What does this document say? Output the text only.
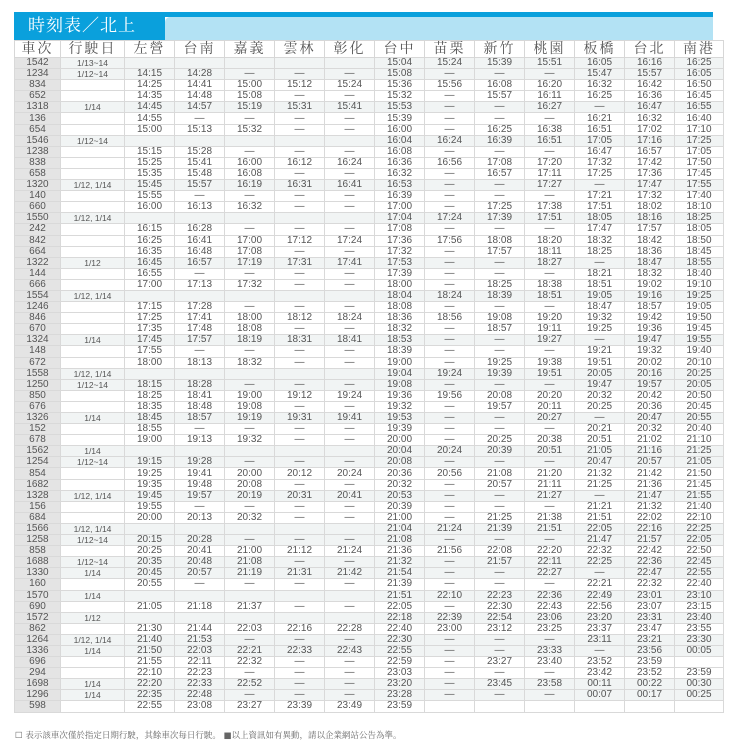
時刻表／北上
車次	行駛日	左營	台南	嘉義	雲林	彰化	台中	苗栗	新竹	桃園	板橋	台北	南港
1542	1/13~14						15:04	15:24	15:39	15:51	16:05	16:16	16:25
1234	1/12~14	14:15	14:28	—	—	—	15:08	—	—	—	15:47	15:57	16:05
834		14:25	14:41	15:00	15:12	15:24	15:36	15:56	16:08	16:20	16:32	16:42	16:50
652		14:35	14:48	15:08	—	—	15:32	—	15:57	16:11	16:25	16:36	16:45
1318	1/14	14:45	14:57	15:19	15:31	15:41	15:53	—	—	16:27	—	16:47	16:55
136		14:55	—	—	—	—	15:39	—	—	—	16:21	16:32	16:40
654		15:00	15:13	15:32	—	—	16:00	—	16:25	16:38	16:51	17:02	17:10
1546	1/12~14						16:04	16:24	16:39	16:51	17:05	17:16	17:25
1238		15:15	15:28	—	—	—	16:08	—	—	—	16:47	16:57	17:05
838		15:25	15:41	16:00	16:12	16:24	16:36	16:56	17:08	17:20	17:32	17:42	17:50
658		15:35	15:48	16:08	—	—	16:32	—	16:57	17:11	17:25	17:36	17:45
1320	1/12, 1/14	15:45	15:57	16:19	16:31	16:41	16:53	—	—	17:27	—	17:47	17:55
140		15:55	—	—	—	—	16:39	—	—	—	17:21	17:32	17:40
660		16:00	16:13	16:32	—	—	17:00	—	17:25	17:38	17:51	18:02	18:10
1550	1/12, 1/14						17:04	17:24	17:39	17:51	18:05	18:16	18:25
242		16:15	16:28	—	—	—	17:08	—	—	—	17:47	17:57	18:05
842		16:25	16:41	17:00	17:12	17:24	17:36	17:56	18:08	18:20	18:32	18:42	18:50
664		16:35	16:48	17:08	—	—	17:32	—	17:57	18:11	18:25	18:36	18:45
1322	1/12	16:45	16:57	17:19	17:31	17:41	17:53	—	—	18:27	—	18:47	18:55
144		16:55	—	—	—	—	17:39	—	—	—	18:21	18:32	18:40
666		17:00	17:13	17:32	—	—	18:00	—	18:25	18:38	18:51	19:02	19:10
1554	1/12, 1/14						18:04	18:24	18:39	18:51	19:05	19:16	19:25
1246		17:15	17:28	—	—	—	18:08	—	—	—	18:47	18:57	19:05
846		17:25	17:41	18:00	18:12	18:24	18:36	18:56	19:08	19:20	19:32	19:42	19:50
670		17:35	17:48	18:08	—	—	18:32	—	18:57	19:11	19:25	19:36	19:45
1324	1/14	17:45	17:57	18:19	18:31	18:41	18:53	—	—	19:27	—	19:47	19:55
148		17:55	—	—	—	—	18:39	—	—	—	19:21	19:32	19:40
672		18:00	18:13	18:32	—	—	19:00	—	19:25	19:38	19:51	20:02	20:10
1558	1/12, 1/14						19:04	19:24	19:39	19:51	20:05	20:16	20:25
1250	1/12~14	18:15	18:28	—	—	—	19:08	—	—	—	19:47	19:57	20:05
850		18:25	18:41	19:00	19:12	19:24	19:36	19:56	20:08	20:20	20:32	20:42	20:50
676		18:35	18:48	19:08	—	—	19:32	—	19:57	20:11	20:25	20:36	20:45
1326	1/14	18:45	18:57	19:19	19:31	19:41	19:53	—	—	20:27	—	20:47	20:55
152		18:55	—	—	—	—	19:39	—	—	—	20:21	20:32	20:40
678		19:00	19:13	19:32	—	—	20:00	—	20:25	20:38	20:51	21:02	21:10
1562	1/14						20:04	20:24	20:39	20:51	21:05	21:16	21:25
1254	1/12~14	19:15	19:28	—	—	—	20:08	—	—	—	20:47	20:57	21:05
854		19:25	19:41	20:00	20:12	20:24	20:36	20:56	21:08	21:20	21:32	21:42	21:50
1682		19:35	19:48	20:08	—	—	20:32	—	20:57	21:11	21:25	21:36	21:45
1328	1/12, 1/14	19:45	19:57	20:19	20:31	20:41	20:53	—	—	21:27	—	21:47	21:55
156		19:55	—	—	—	—	20:39	—	—	—	21:21	21:32	21:40
684		20:00	20:13	20:32	—	—	21:00	—	21:25	21:38	21:51	22:02	22:10
1566	1/12, 1/14						21:04	21:24	21:39	21:51	22:05	22:16	22:25
1258	1/12~14	20:15	20:28	—	—	—	21:08	—	—	—	21:47	21:57	22:05
858		20:25	20:41	21:00	21:12	21:24	21:36	21:56	22:08	22:20	22:32	22:42	22:50
1688	1/12~14	20:35	20:48	21:08	—	—	21:32	—	21:57	22:11	22:25	22:36	22:45
1330	1/14	20:45	20:57	21:19	21:31	21:42	21:54	—	—	22:27	—	22:47	22:55
160		20:55	—	—	—	—	21:39	—	—	—	22:21	22:32	22:40
1570	1/14						21:51	22:10	22:23	22:36	22:49	23:01	23:10
690		21:05	21:18	21:37	—	—	22:05	—	22:30	22:43	22:56	23:07	23:15
1572	1/12						22:18	22:39	22:54	23:06	23:20	23:31	23:40
862		21:30	21:44	22:03	22:16	22:28	22:40	23:00	23:12	23:25	23:37	23:47	23:55
1264	1/12, 1/14	21:40	21:53	—	—	—	22:30	—	—	—	23:11	23:21	23:30
1336	1/14	21:50	22:03	22:21	22:33	22:43	22:55	—	—	23:33	—	23:56	00:05
696		21:55	22:11	22:32	—	—	22:59	—	23:27	23:40	23:52	23:59	
294		22:10	22:23	—	—	—	23:03	—	—	—	23:42	23:52	23:59
1698	1/14	22:20	22:33	22:52	—	—	23:20	—	23:45	23:58	00:11	00:22	00:30
1296	1/14	22:35	22:48	—	—	—	23:28	—	—	—	00:07	00:17	00:25
598		22:55	23:08	23:27	23:39	23:49	23:59						
☐ 表示該車次僅於指定日期行駛，其餘車次每日行駛。 ■以上資訊如有異動，請以企業網站公告為準。
